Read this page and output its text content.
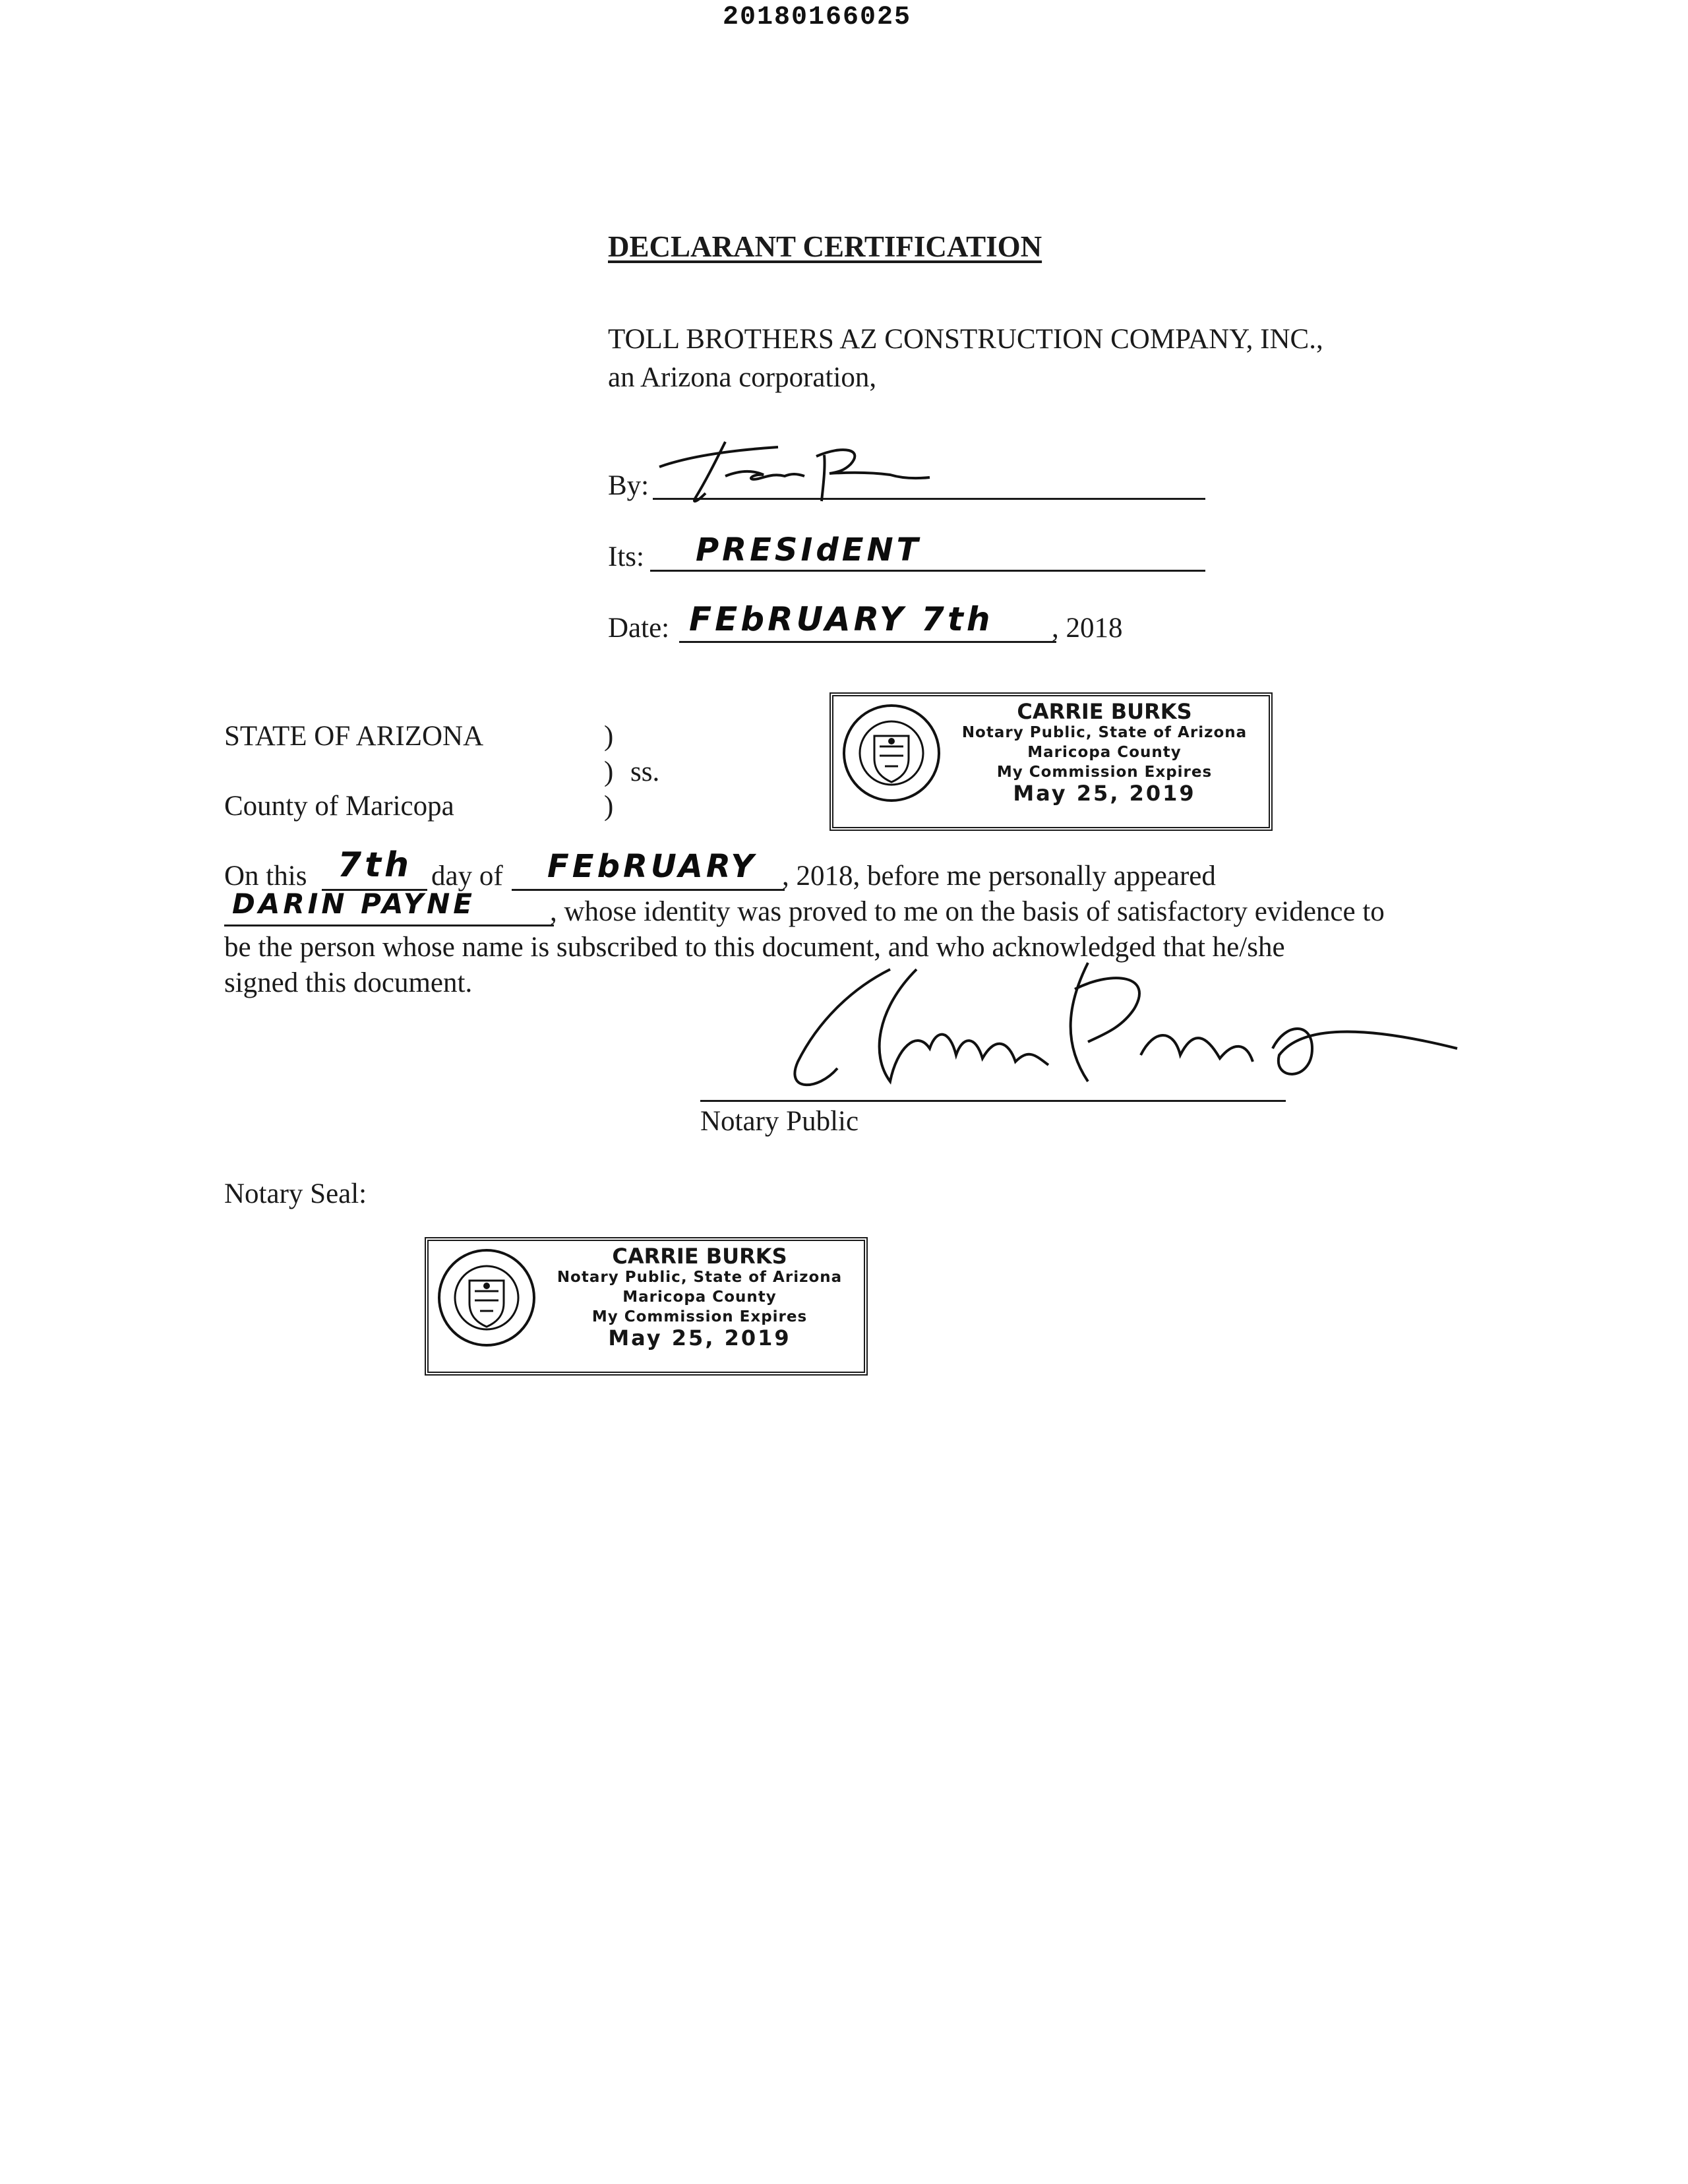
20180166025
DECLARANT CERTIFICATION
TOLL BROTHERS AZ CONSTRUCTION COMPANY, INC.,
an Arizona corporation,
By:
Its: PRESIdENT
Date: FEbRUARY 7th , 2018
CARRIE BURKS
Notary Public, State of Arizona
Maricopa County
My Commission Expires
May 25, 2019
STATE OF ARIZONA	)
) ss.
County of Maricopa	)
On this 7th day of FEbRUARY , 2018, before me personally appeared
DARIN PAYNE	, whose identity was proved to me on the basis of satisfactory evidence to
be the person whose name is subscribed to this document, and who acknowledged that he/she
signed this document.
Notary Public
Notary Seal:
CARRIE BURKS
Notary Public, State of Arizona
Maricopa County
My Commission Expires
May 25, 2019
